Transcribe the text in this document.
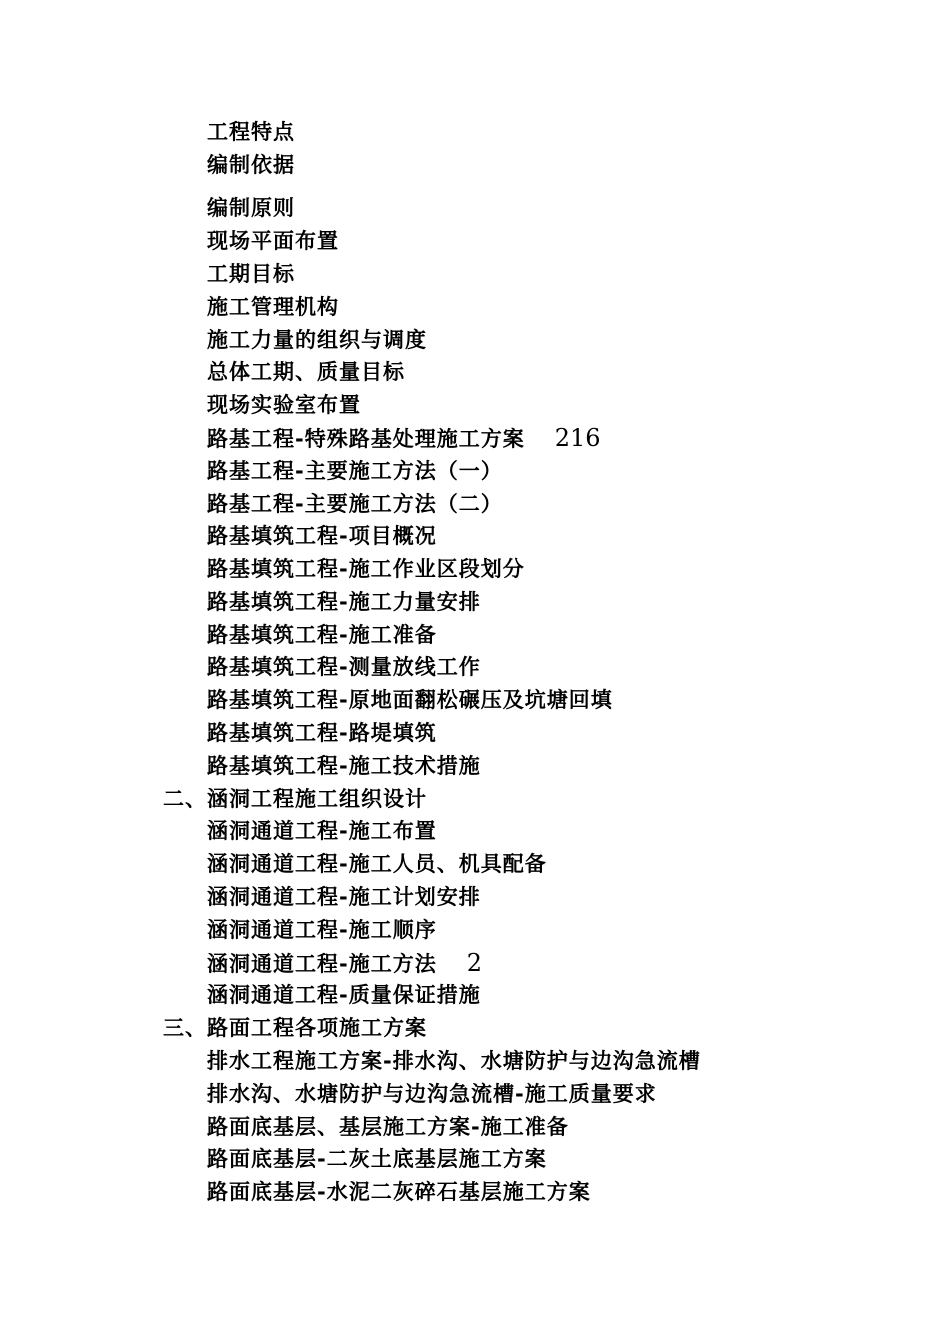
工程特点
编制依据
编制原则
现场平面布置
工期目标
施工管理机构
施工力量的组织与调度
总体工期、质量目标
现场实验室布置
路基工程-特殊路基处理施工方案 216
路基工程-主要施工方法（一）
路基工程-主要施工方法（二）
路基填筑工程-项目概况
路基填筑工程-施工作业区段划分
路基填筑工程-施工力量安排
路基填筑工程-施工准备
路基填筑工程-测量放线工作
路基填筑工程-原地面翻松碾压及坑塘回填
路基填筑工程-路堤填筑
路基填筑工程-施工技术措施
二、涵洞工程施工组织设计
涵洞通道工程-施工布置
涵洞通道工程-施工人员、机具配备
涵洞通道工程-施工计划安排
涵洞通道工程-施工顺序
涵洞通道工程-施工方法 2
涵洞通道工程-质量保证措施
三、路面工程各项施工方案
排水工程施工方案-排水沟、水塘防护与边沟急流槽
排水沟、水塘防护与边沟急流槽-施工质量要求
路面底基层、基层施工方案-施工准备
路面底基层-二灰土底基层施工方案
路面底基层-水泥二灰碎石基层施工方案
